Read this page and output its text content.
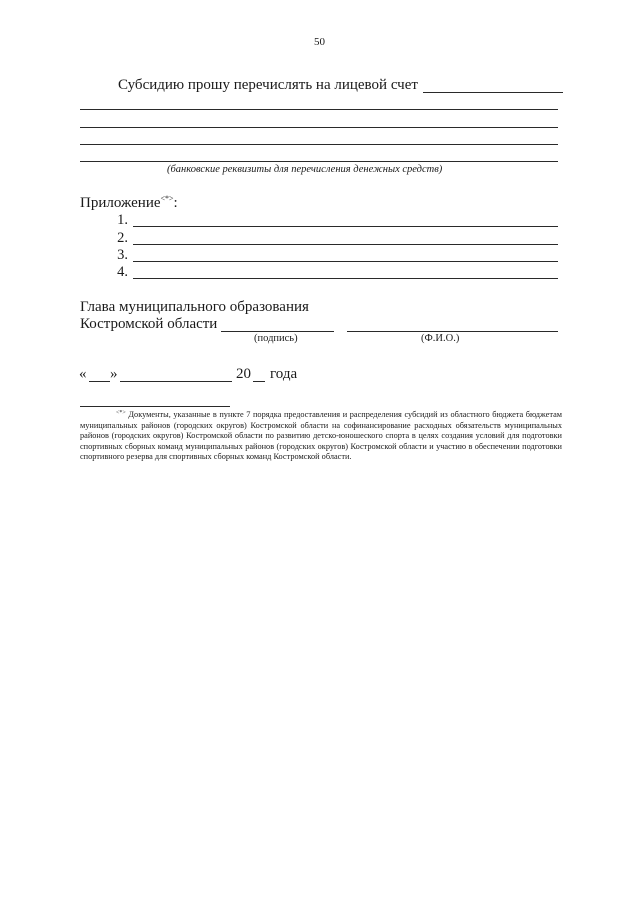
50
Субсидию прошу перечислять на лицевой счет
(банковские реквизиты для перечисления денежных средств)
Приложение<*>:
1.
2.
3.
4.
Глава муниципального образования
Костромской области
(подпись)	(Ф.И.О.)
« »	20 года
<*> Документы, указанные в пункте 7 порядка предоставления и распределения субсидий из областного бюджета бюджетам муниципальных районов (городских округов) Костромской области на софинансирование расходных обязательств муниципальных районов (городских округов) Костромской области по развитию детско-юношеского спорта в целях создания условий для подготовки спортивных сборных команд муниципальных районов (городских округов) Костромской области и участию в обеспечении подготовки спортивного резерва для спортивных сборных команд Костромской области.
